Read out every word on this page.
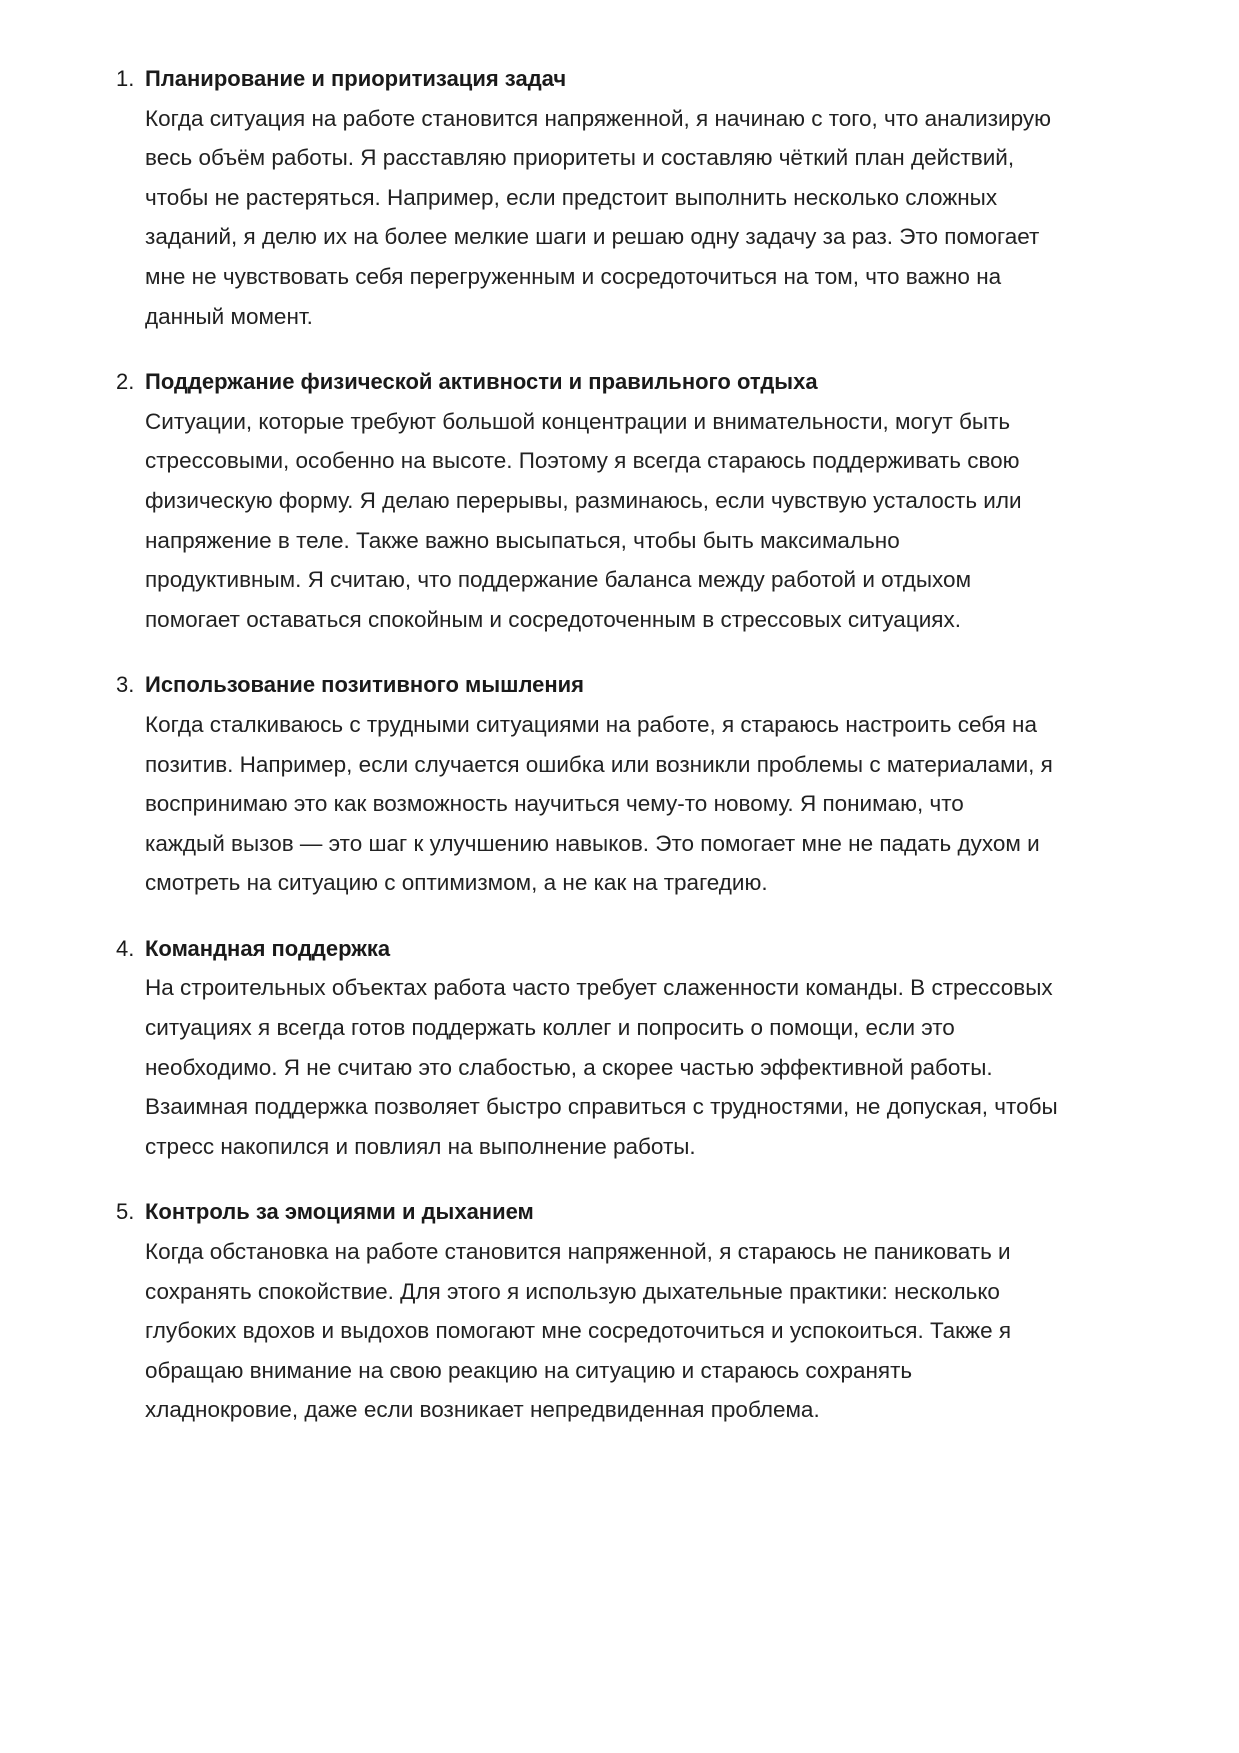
1. Планирование и приоритизация задач
Когда ситуация на работе становится напряженной, я начинаю с того, что анализирую
весь объём работы. Я расставляю приоритеты и составляю чёткий план действий,
чтобы не растеряться. Например, если предстоит выполнить несколько сложных
заданий, я делю их на более мелкие шаги и решаю одну задачу за раз. Это помогает
мне не чувствовать себя перегруженным и сосредоточиться на том, что важно на
данный момент.
2. Поддержание физической активности и правильного отдыха
Ситуации, которые требуют большой концентрации и внимательности, могут быть
стрессовыми, особенно на высоте. Поэтому я всегда стараюсь поддерживать свою
физическую форму. Я делаю перерывы, разминаюсь, если чувствую усталость или
напряжение в теле. Также важно высыпаться, чтобы быть максимально
продуктивным. Я считаю, что поддержание баланса между работой и отдыхом
помогает оставаться спокойным и сосредоточенным в стрессовых ситуациях.
3. Использование позитивного мышления
Когда сталкиваюсь с трудными ситуациями на работе, я стараюсь настроить себя на
позитив. Например, если случается ошибка или возникли проблемы с материалами, я
воспринимаю это как возможность научиться чему-то новому. Я понимаю, что
каждый вызов — это шаг к улучшению навыков. Это помогает мне не падать духом и
смотреть на ситуацию с оптимизмом, а не как на трагедию.
4. Командная поддержка
На строительных объектах работа часто требует слаженности команды. В стрессовых
ситуациях я всегда готов поддержать коллег и попросить о помощи, если это
необходимо. Я не считаю это слабостью, а скорее частью эффективной работы.
Взаимная поддержка позволяет быстро справиться с трудностями, не допуская, чтобы
стресс накопился и повлиял на выполнение работы.
5. Контроль за эмоциями и дыханием
Когда обстановка на работе становится напряженной, я стараюсь не паниковать и
сохранять спокойствие. Для этого я использую дыхательные практики: несколько
глубоких вдохов и выдохов помогают мне сосредоточиться и успокоиться. Также я
обращаю внимание на свою реакцию на ситуацию и стараюсь сохранять
хладнокровие, даже если возникает непредвиденная проблема.
